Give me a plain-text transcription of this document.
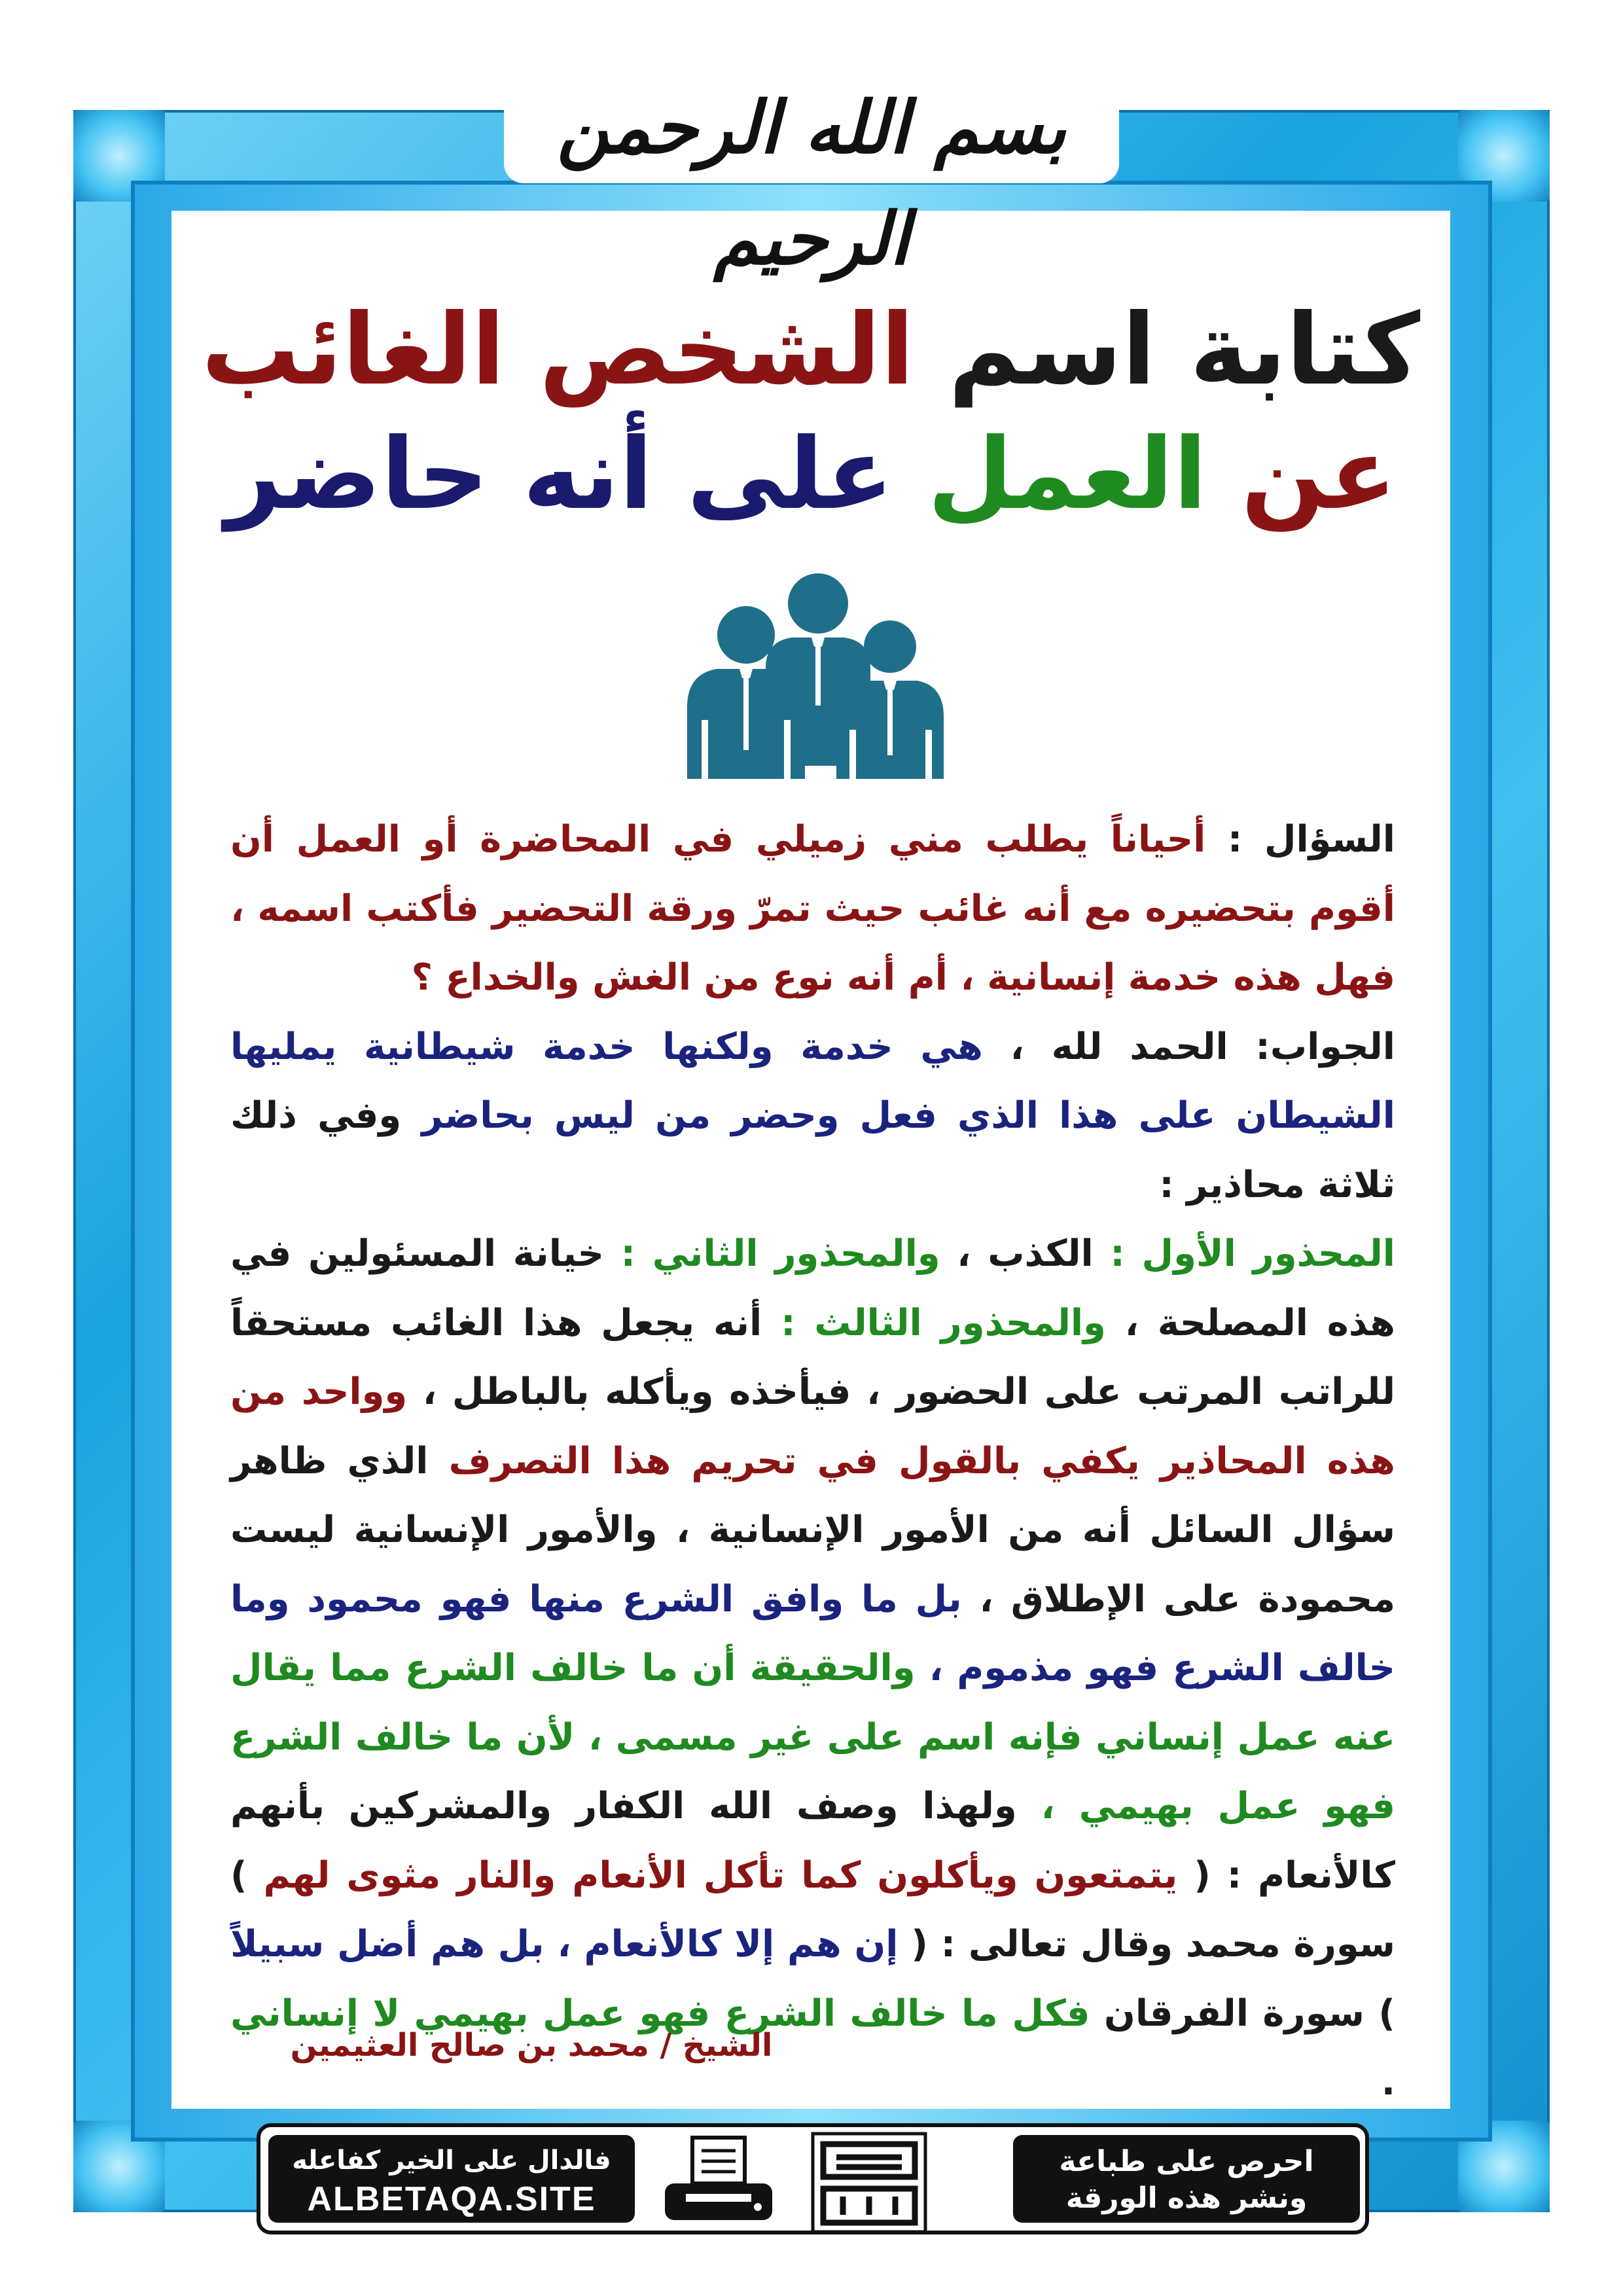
بسم الله الرحمن الرحيم
كتابة اسم الشخص الغائب
عن العمل على أنه حاضر

السؤال : أحياناً يطلب مني زميلي في المحاضرة أو العمل أن أقوم بتحضيره مع أنه غائب حيث تمرّ ورقة التحضير فأكتب اسمه ، فهل هذه خدمة إنسانية ، أم أنه نوع من الغش والخداع ؟

الجواب: الحمد لله ، هي خدمة ولكنها خدمة شيطانية يمليها الشيطان على هذا الذي فعل وحضر من ليس بحاضر وفي ذلك ثلاثة محاذير :

المحذور الأول : الكذب ، والمحذور الثاني : خيانة المسئولين في هذه المصلحة ، والمحذور الثالث : أنه يجعل هذا الغائب مستحقاً للراتب المرتب على الحضور ، فيأخذه ويأكله بالباطل ، وواحد من هذه المحاذير يكفي بالقول في تحريم هذا التصرف الذي ظاهر سؤال السائل أنه من الأمور الإنسانية ، والأمور الإنسانية ليست محمودة على الإطلاق ، بل ما وافق الشرع منها فهو محمود وما خالف الشرع فهو مذموم ، والحقيقة أن ما خالف الشرع مما يقال عنه عمل إنساني فإنه اسم على غير مسمى ، لأن ما خالف الشرع فهو عمل بهيمي ، ولهذا وصف الله الكفار والمشركين بأنهم كالأنعام : ( يتمتعون ويأكلون كما تأكل الأنعام والنار مثوى لهم ) سورة محمد وقال تعالى : ( إن هم إلا كالأنعام ، بل هم أضل سبيلاً ) سورة الفرقان فكل ما خالف الشرع فهو عمل بهيمي لا إنساني .

الشيخ / محمد بن صالح العثيمين
فالدال على الخير كفاعله
ALBETAQA.SITE
احرص على طباعة
ونشر هذه الورقة
